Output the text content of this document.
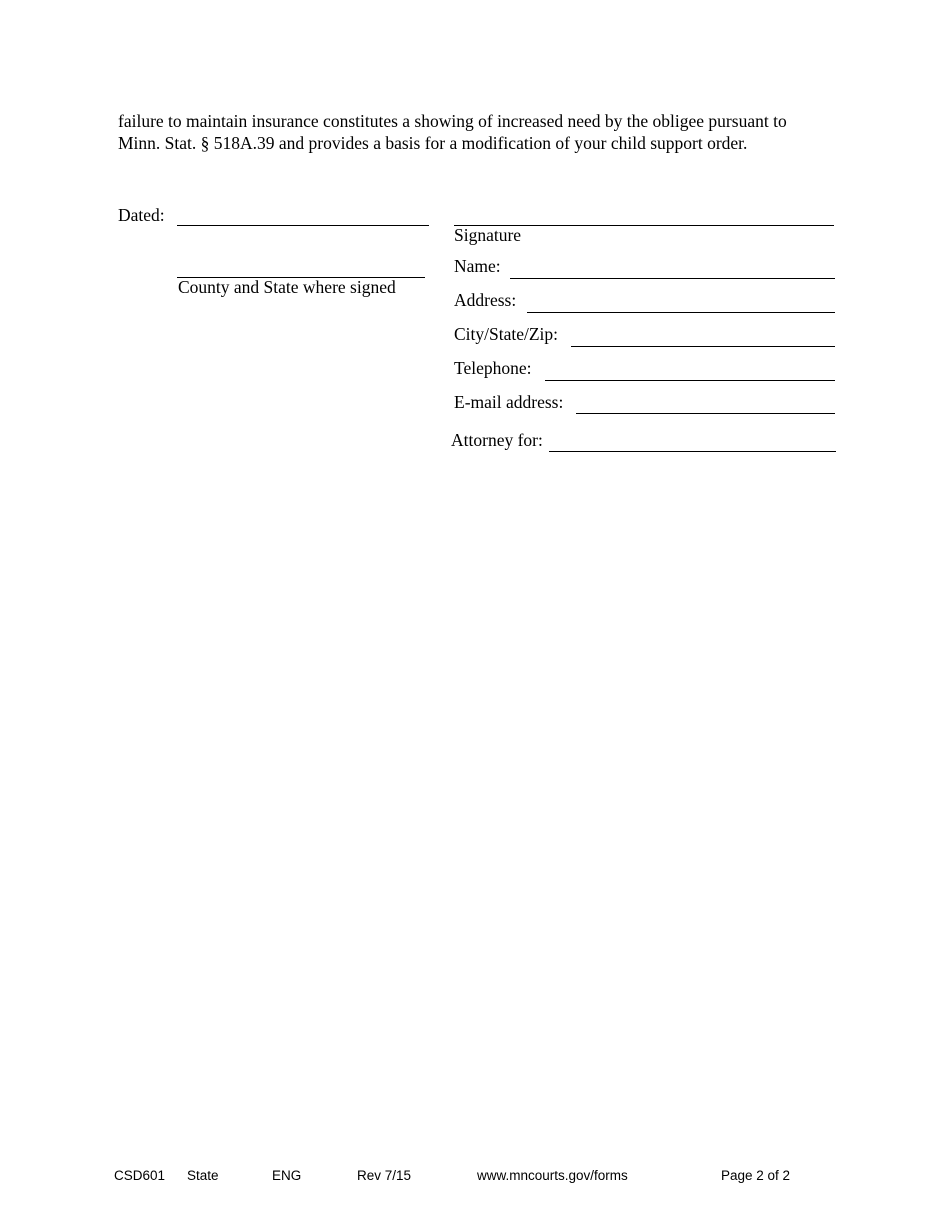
failure to maintain insurance constitutes a showing of increased need by the obligee pursuant to
Minn. Stat. § 518A.39 and provides a basis for a modification of your child support order.
Dated:
County and State where signed
Signature
Name:
Address:
City/State/Zip:
Telephone:
E-mail address:
Attorney for:
CSD601 State	ENG	Rev 7/15	www.mncourts.gov/forms	Page 2 of 2
